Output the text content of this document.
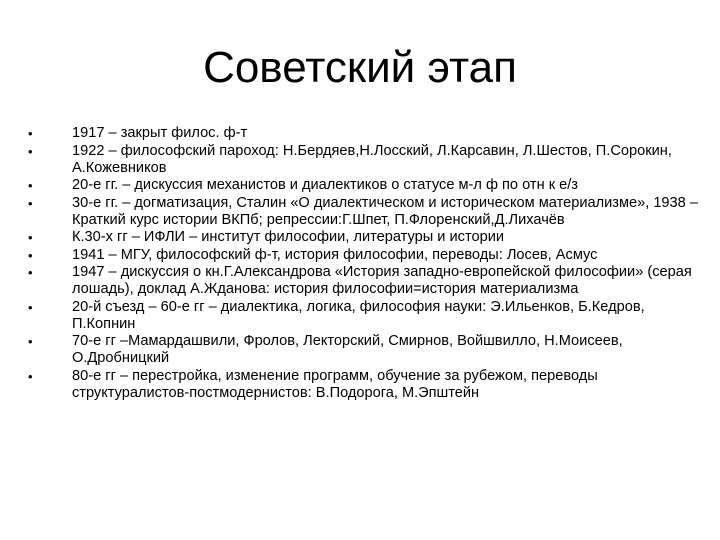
Советский этап
•	1917 – закрыт филос. ф-т
•	1922 – философский пароход: Н.Бердяев,Н.Лосский, Л.Карсавин, Л.Шестов, П.Сорокин, А.Кожевников
•	20-е гг. – дискуссия механистов и диалектиков о статусе м-л ф по отн к е/з
•	30-е гг. – догматизация, Сталин «О диалектическом и историческом материализме», 1938 – Краткий курс истории ВКПб; репрессии:Г.Шпет, П.Флоренский,Д.Лихачёв
•	К.30-х гг – ИФЛИ – институт философии, литературы и истории
•	1941 – МГУ, философский ф-т, история философии, переводы: Лосев, Асмус
•	1947 – дискуссия о кн.Г.Александрова «История западно-европейской философии» (серая лошадь), доклад А.Жданова: история философии=история материализма
•	20-й съезд – 60-е гг – диалектика, логика, философия науки: Э.Ильенков, Б.Кедров, П.Копнин
•	70-е гг –Мамардашвили, Фролов, Лекторский, Смирнов, Войшвилло, Н.Моисеев, О.Дробницкий
•	80-е гг – перестройка, изменение программ, обучение за рубежом, переводы структуралистов-постмодернистов: В.Подорога, М.Эпштейн
